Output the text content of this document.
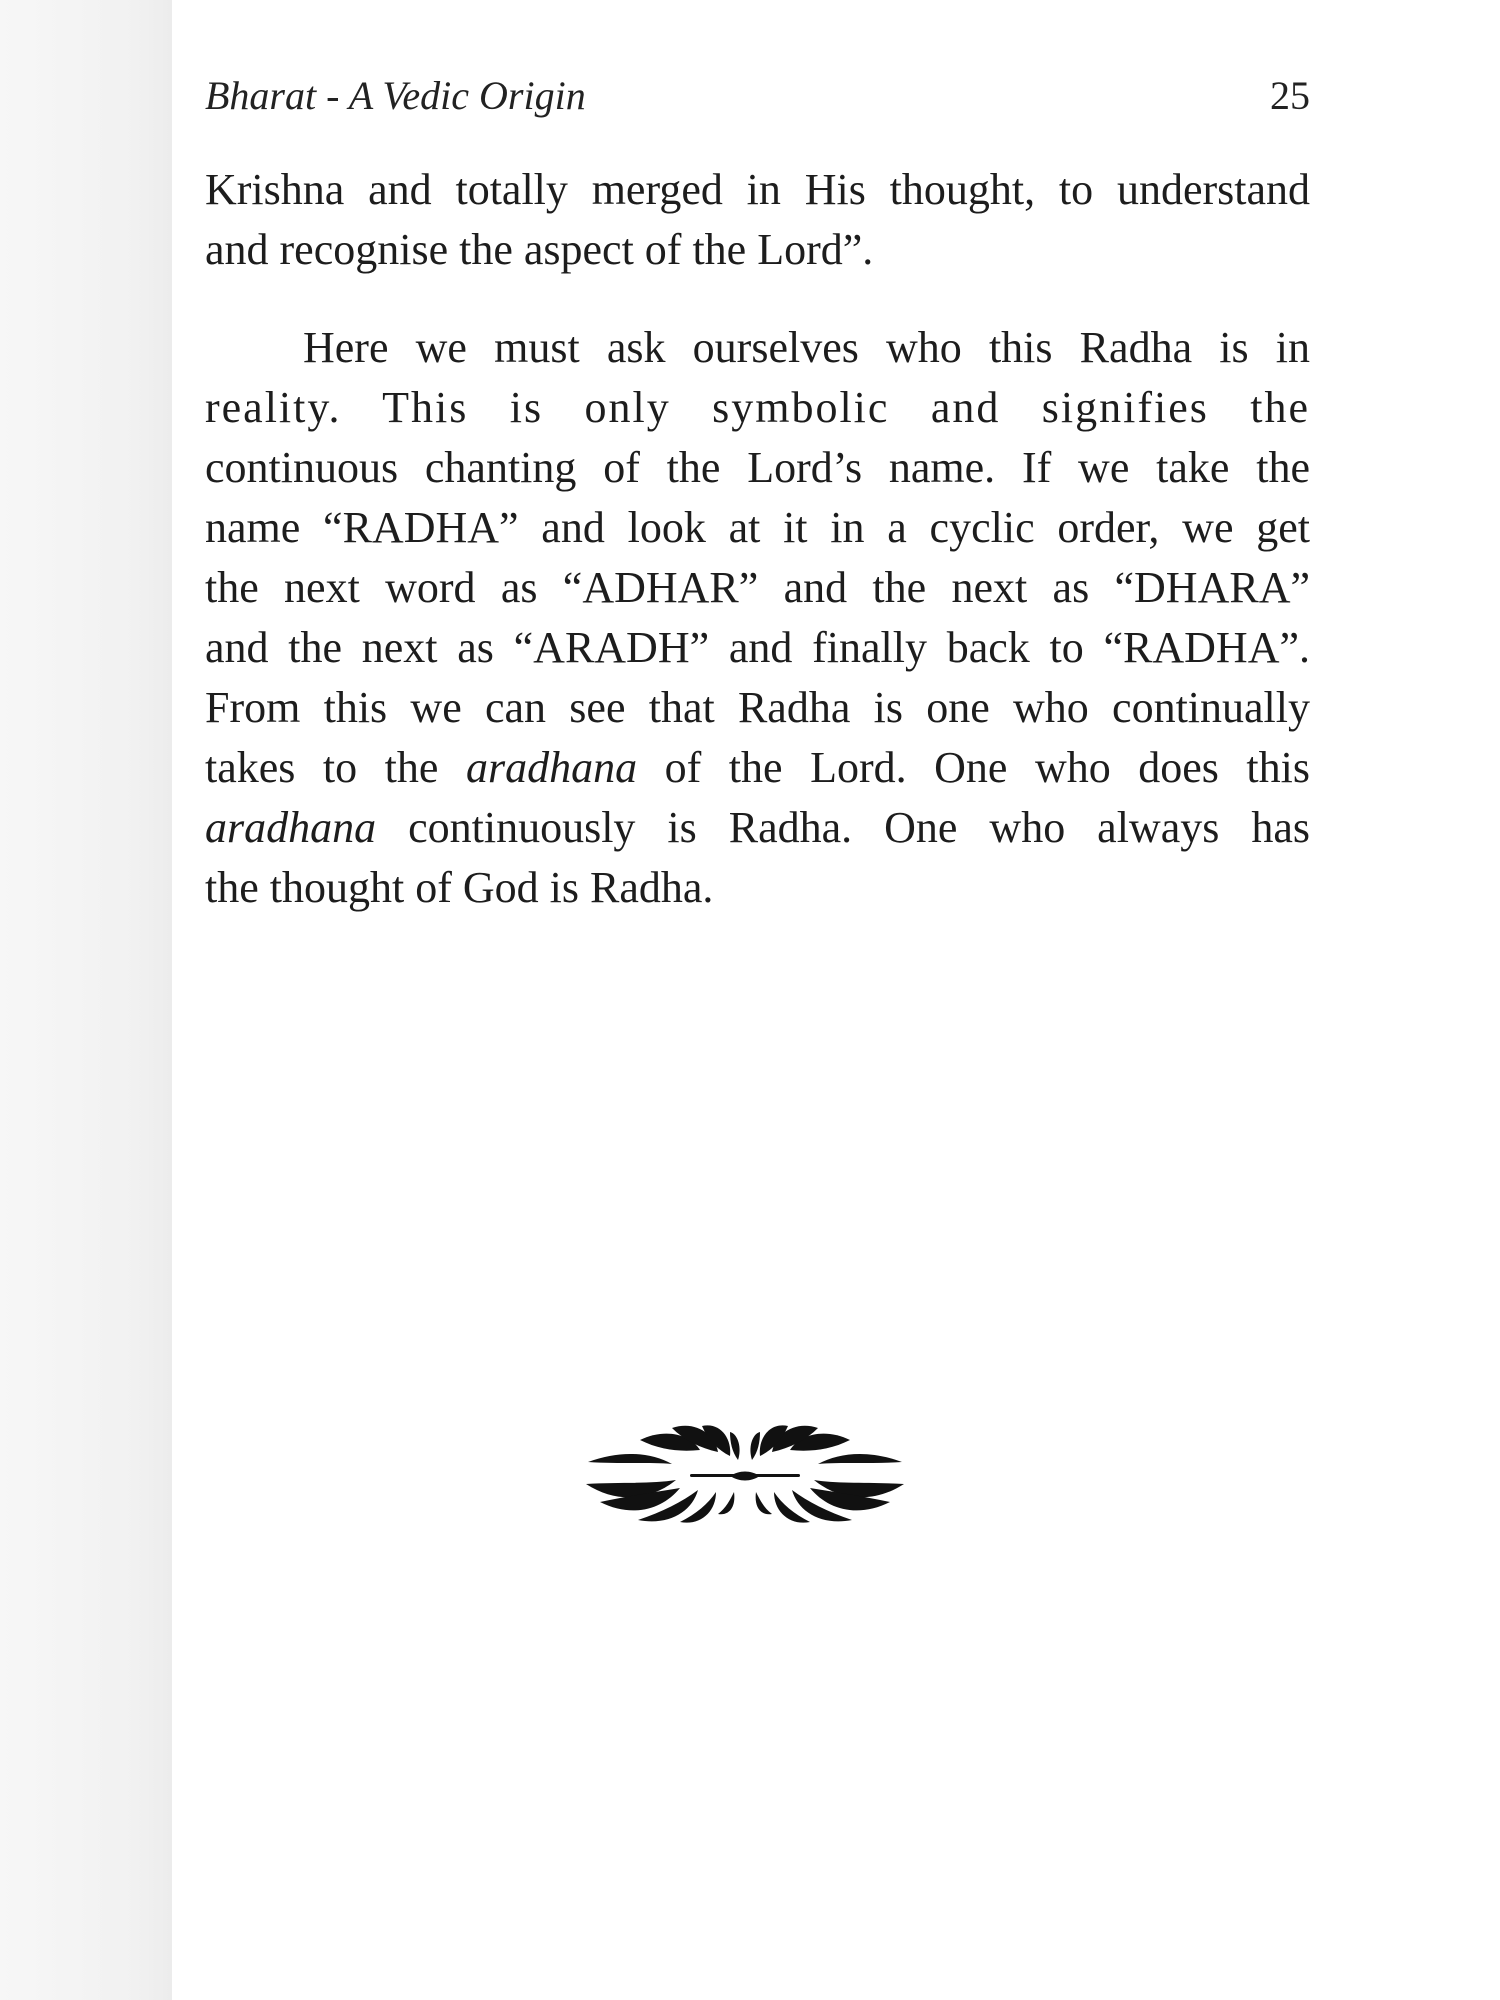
Bharat - A Vedic Origin	25
Krishna and totally merged in His thought, to understand
and recognise the aspect of the Lord”.
Here we must ask ourselves who this Radha is in
reality. This is only symbolic and signifies the
continuous chanting of the Lord’s name. If we take the
name “RADHA” and look at it in a cyclic order, we get
the next word as “ADHAR” and the next as “DHARA”
and the next as “ARADH” and finally back to “RADHA”.
From this we can see that Radha is one who continually
takes to the aradhana of the Lord. One who does this
aradhana continuously is Radha. One who always has
the thought of God is Radha.
